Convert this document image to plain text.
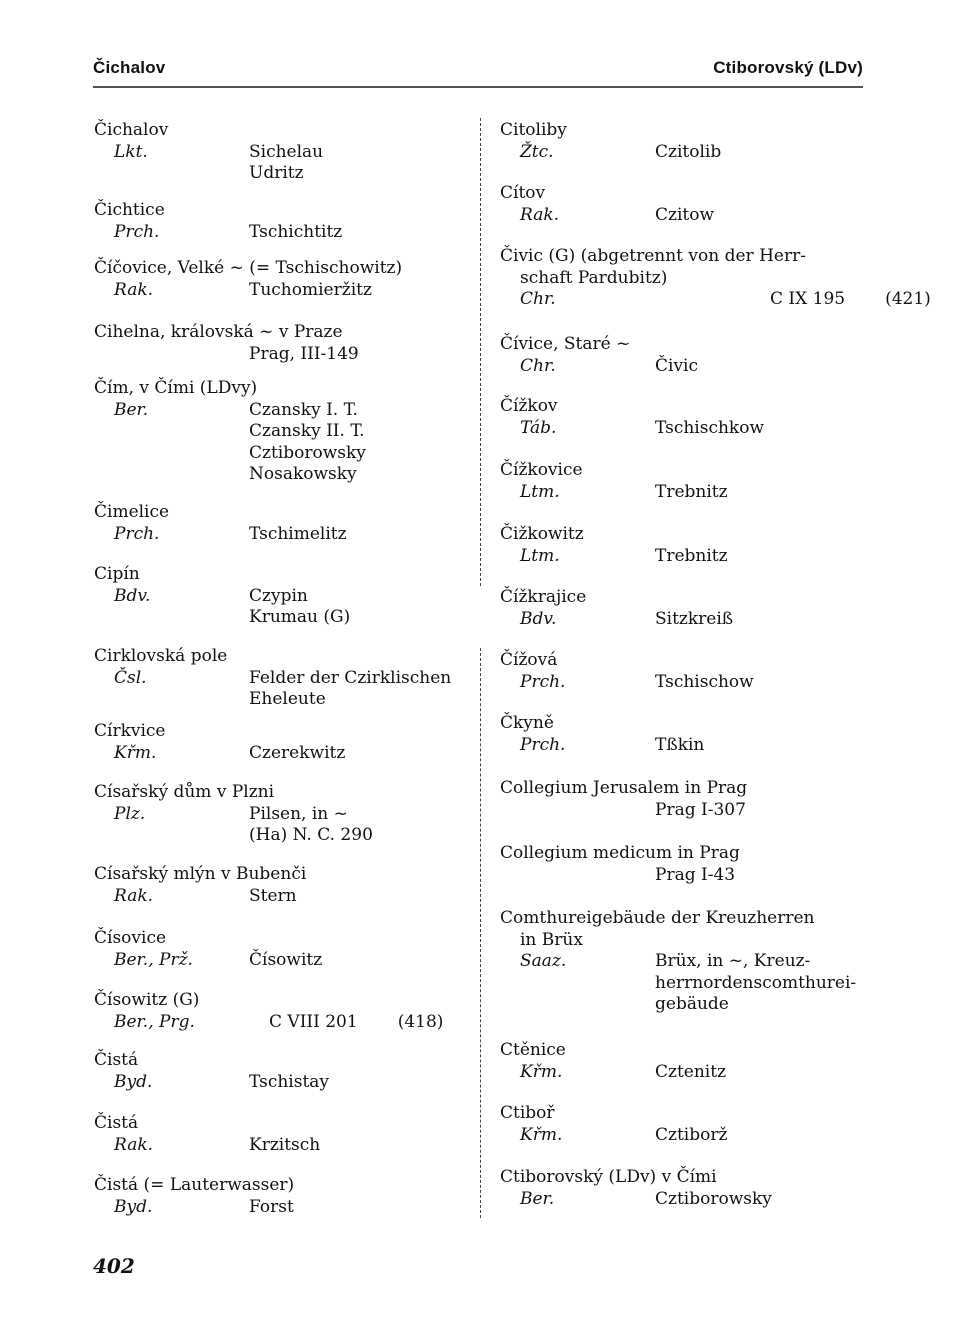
Čichalov	Ctiborovský (LDv)
Čichalov
Lkt.	Sichelau
Udritz
Čichtice
Prch.	Tschichtitz
Číčovice, Velké ~ (= Tschischowitz)
Rak.	Tuchomieržitz
Cihelna, královská ~ v Praze
Prag, III-149
Čím, v Čími (LDvy)
Ber.	Czansky I. T.
Czansky II. T.
Cztiborowsky
Nosakowsky
Čimelice
Prch.	Tschimelitz
Cipín
Bdv.	Czypin
Krumau (G)
Cirklovská pole
Čsl.	Felder der Czirklischen
Eheleute
Církvice
Křm.	Czerekwitz
Císařský dům v Plzni
Plz.	Pilsen, in ~
(Ha) N. C. 290
Císařský mlýn v Bubenči
Rak.	Stern
Čísovice
Ber., Prž.	Čísowitz
Čísowitz (G)
Ber., Prg.	C VIII 201 (418)
Čistá
Byd.	Tschistay
Čistá
Rak.	Krzitsch
Čistá (= Lauterwasser)
Byd.	Forst
Citoliby
Žtc.	Czitolib
Cítov
Rak.	Czitow
Čivic (G) (abgetrennt von der Herr-
schaft Pardubitz)
Chr.	C IX 195 (421)
Čívice, Staré ~
Chr.	Čivic
Čížkov
Táb.	Tschischkow
Čížkovice
Ltm.	Trebnitz
Čižkowitz
Ltm.	Trebnitz
Čížkrajice
Bdv.	Sitzkreiß
Čížová
Prch.	Tschischow
Čkyně
Prch.	Tßkin
Collegium Jerusalem in Prag
Prag I-307
Collegium medicum in Prag
Prag I-43
Comthureigebäude der Kreuzherren
in Brüx
Saaz.	Brüx, in ~, Kreuz-
herrnordenscomthurei-
gebäude
Ctěnice
Křm.	Cztenitz
Ctiboř
Křm.	Cztiborž
Ctiborovský (LDv) v Čími
Ber.	Cztiborowsky
402
